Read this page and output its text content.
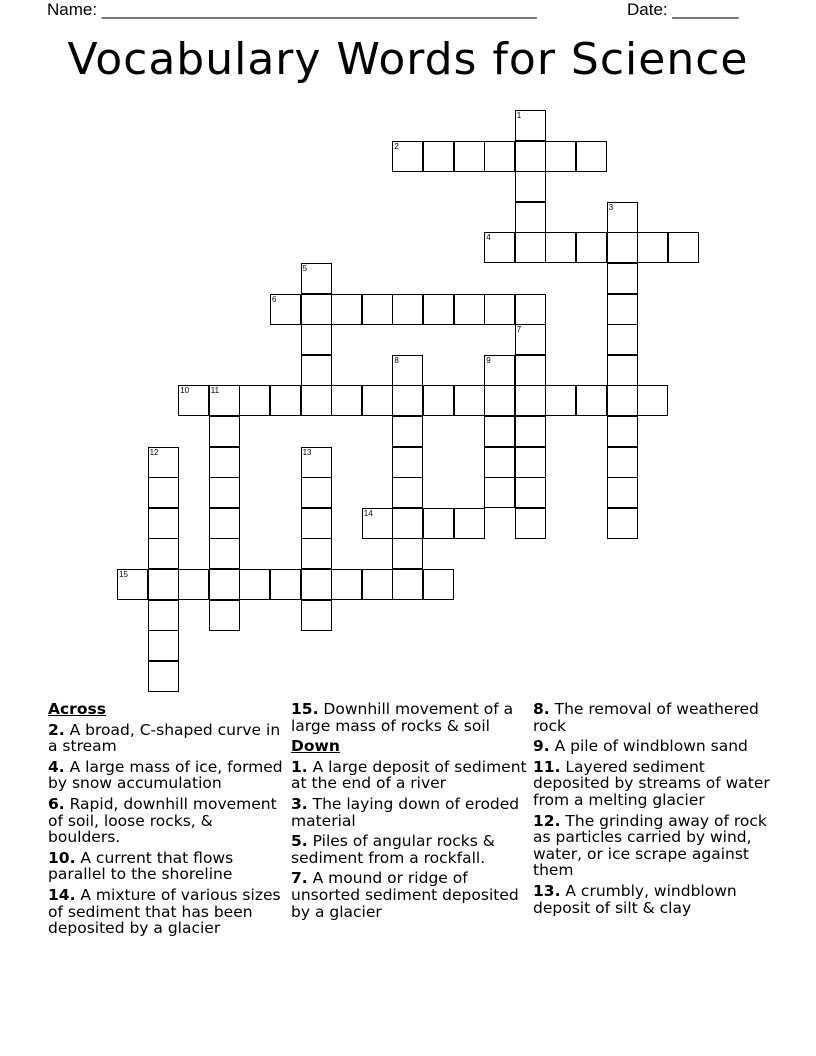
Name: ______________________________________________	Date: _______
Vocabulary Words for Science
1
2
3
4
5
6
7
8	9
10	11
12	13
14
15
Across
2. A broad, C-shaped curve in a stream
4. A large mass of ice, formed by snow accumulation
6. Rapid, downhill movement of soil, loose rocks, & boulders.
10. A current that flows parallel to the shoreline
14. A mixture of various sizes of sediment that has been deposited by a glacier
15. Downhill movement of a large mass of rocks & soil
Down
1. A large deposit of sediment at the end of a river
3. The laying down of eroded material
5. Piles of angular rocks & sediment from a rockfall.
7. A mound or ridge of unsorted sediment deposited by a glacier
8. The removal of weathered rock
9. A pile of windblown sand
11. Layered sediment deposited by streams of water from a melting glacier
12. The grinding away of rock as particles carried by wind, water, or ice scrape against them
13. A crumbly, windblown deposit of silt & clay
